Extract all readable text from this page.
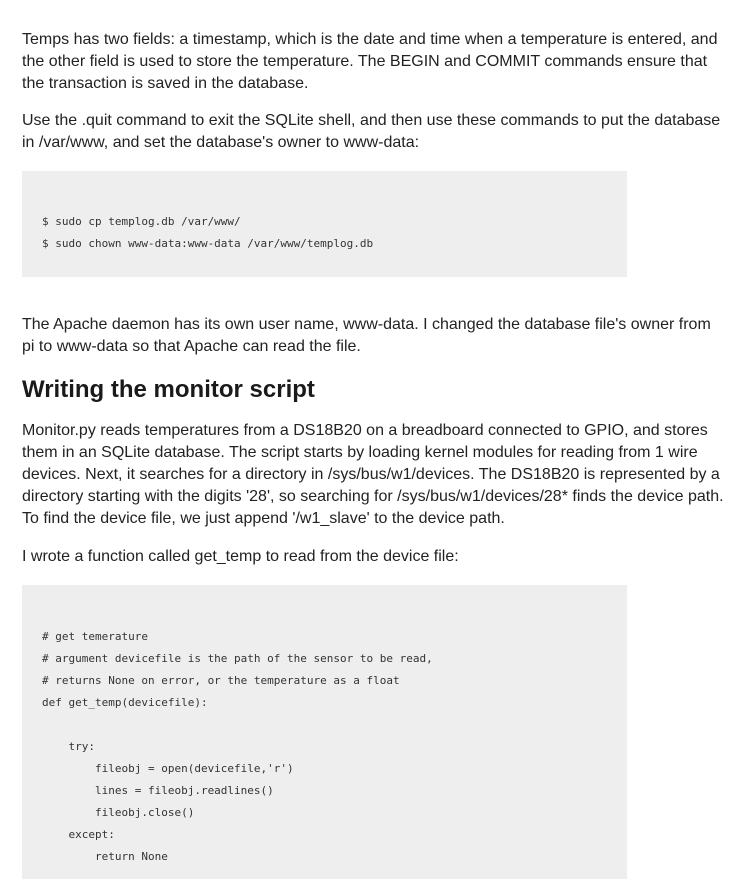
Temps has two fields: a timestamp, which is the date and time when a temperature is entered, and
the other field is used to store the temperature. The BEGIN and COMMIT commands ensure that
the transaction is saved in the database.

Use the .quit command to exit the SQLite shell, and then use these commands to put the database
in /var/www, and set the database's owner to www-data:

$ sudo cp templog.db /var/www/
$ sudo chown www-data:www-data /var/www/templog.db

The Apache daemon has its own user name, www-data. I changed the database file's owner from
pi to www-data so that Apache can read the file.

Writing the monitor script

Monitor.py reads temperatures from a DS18B20 on a breadboard connected to GPIO, and stores
them in an SQLite database. The script starts by loading kernel modules for reading from 1 wire
devices. Next, it searches for a directory in /sys/bus/w1/devices. The DS18B20 is represented by a
directory starting with the digits '28', so searching for /sys/bus/w1/devices/28* finds the device path.
To find the device file, we just append '/w1_slave' to the device path.

I wrote a function called get_temp to read from the device file:

# get temerature
# argument devicefile is the path of the sensor to be read,
# returns None on error, or the temperature as a float
def get_temp(devicefile):
try:
fileobj = open(devicefile,'r')
lines = fileobj.readlines()
fileobj.close()
except:
return None
